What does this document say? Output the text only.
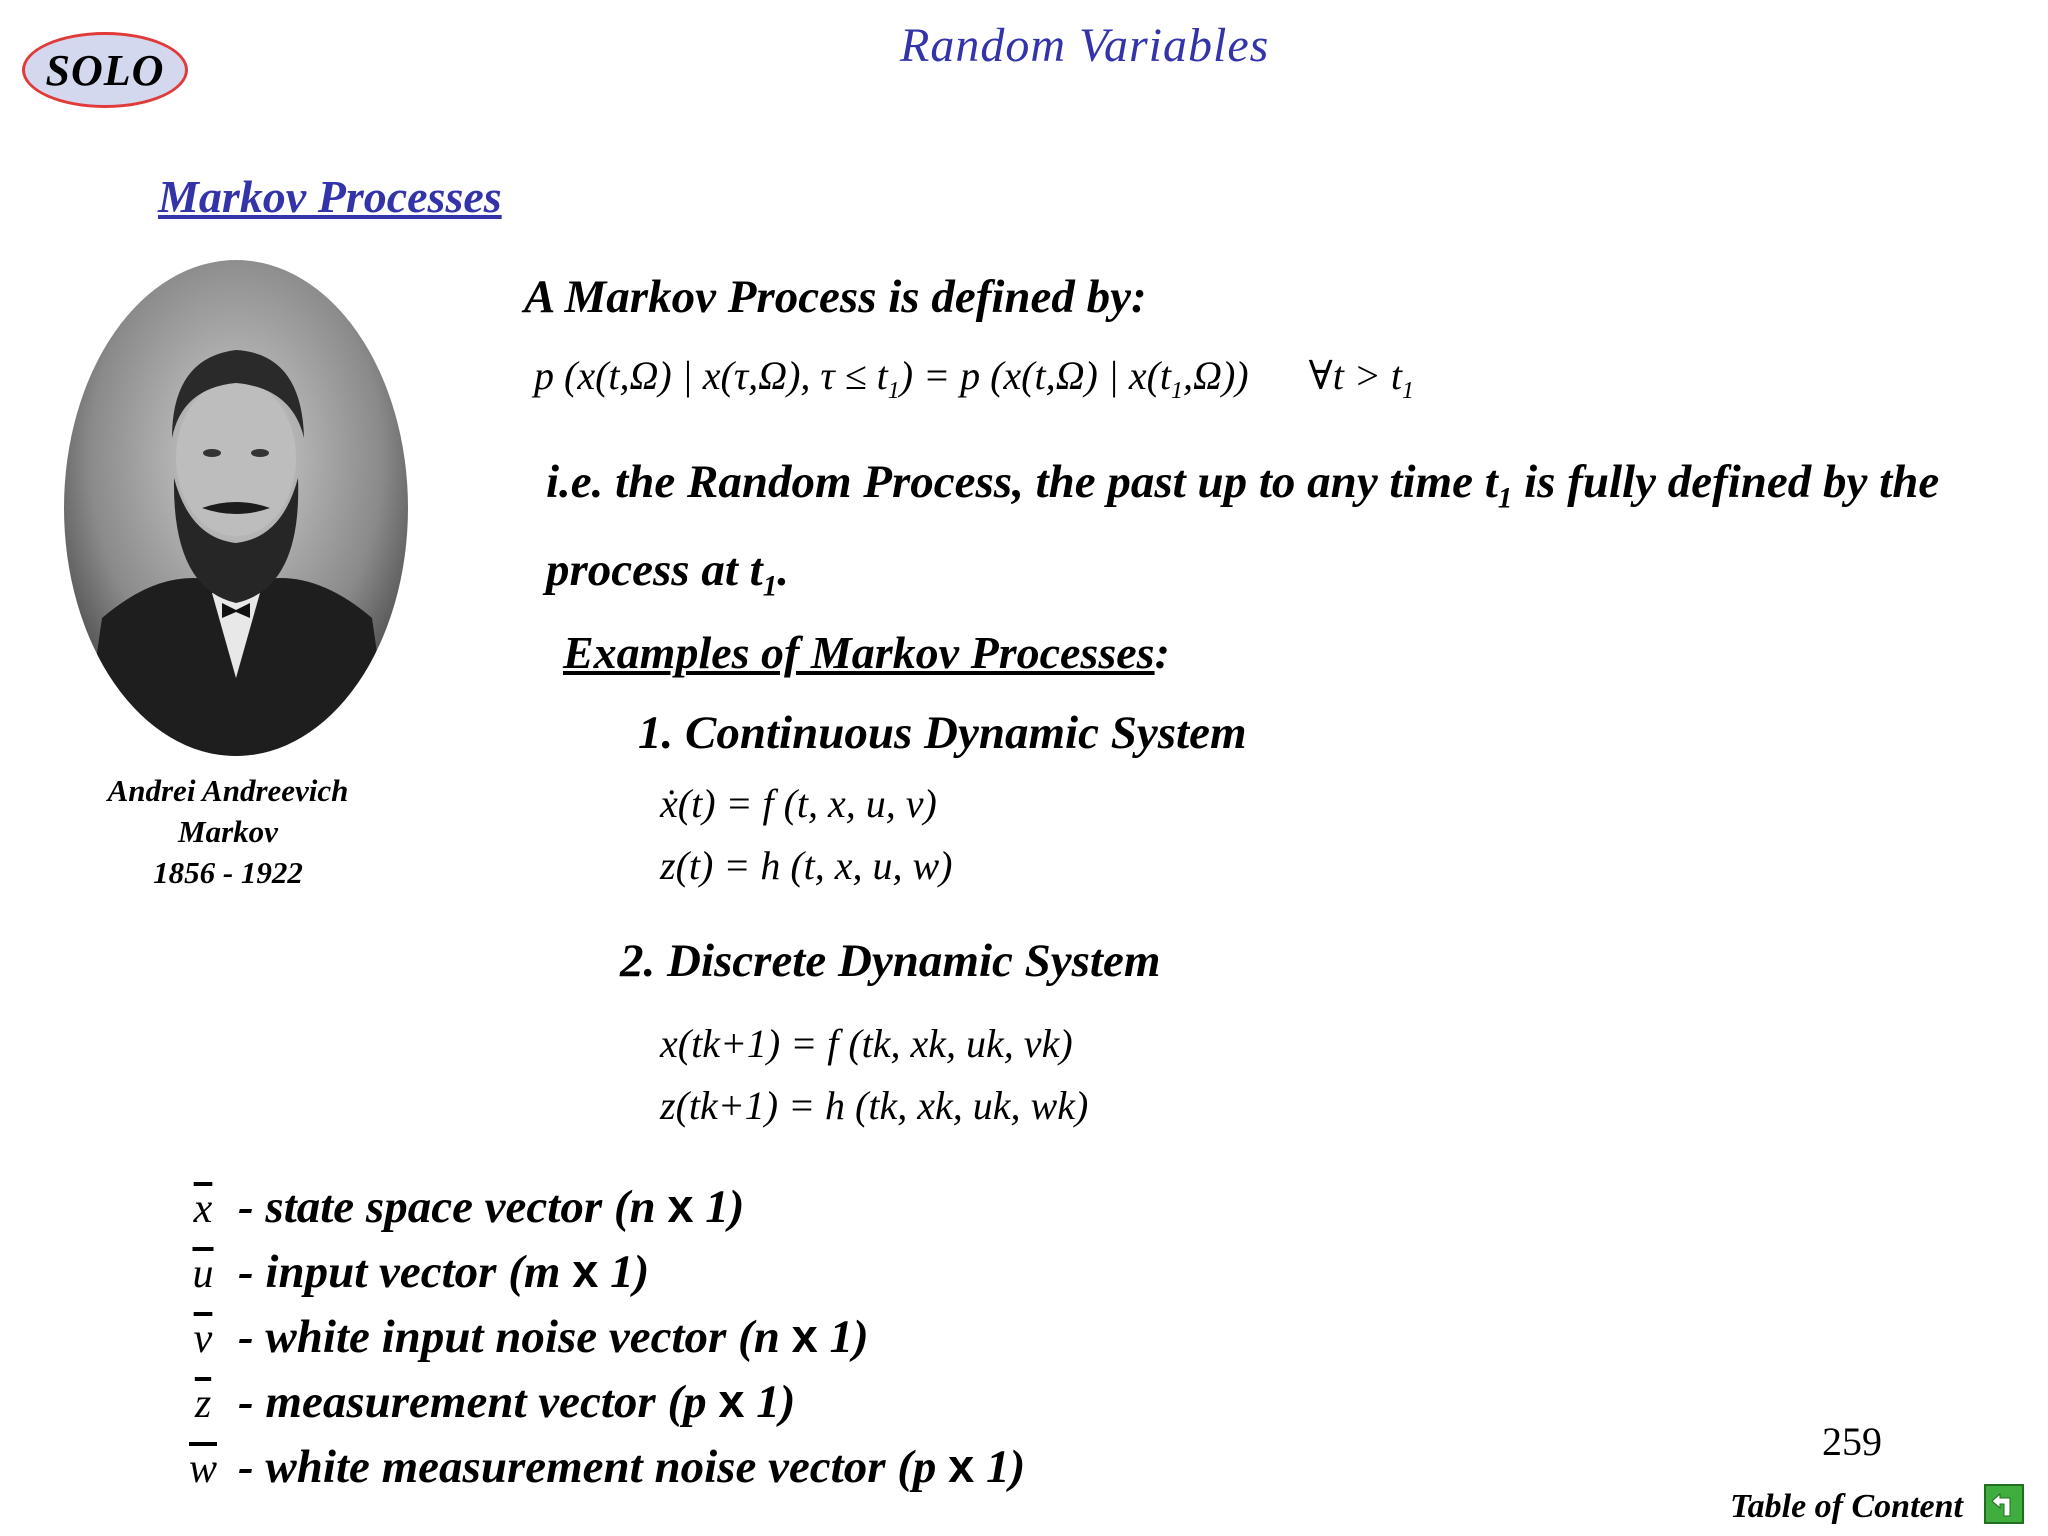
SOLO	Random Variables
Markov Processes
Andrei Andreevich
Markov
1856 - 1922
A Markov Process is defined by:
p (x(t,Ω) | x(τ,Ω), $\tau \le t_1) = p$ (x(t,Ω) | $x(t_1,\Omega)$) ∀t > $t_1$
i.e. the Random Process, the past up to any time $t_1$ is fully defined by the process at $t_1$.
Examples of Markov Processes:
1. Continuous Dynamic System
ẋ(t) = f (t, x, u, v)
z(t) = h (t, x, u, w)
2. Discrete Dynamic System
x(tk+1) = f (tk, xk, uk, vk)
z(tk+1) = h (tk, xk, uk, wk)
$\overline{x}$ - state space vector (n x 1)
$\overline{u}$ - input vector (m x 1)
$\overline{v}$ - white input noise vector (n x 1)
$\overline{z}$ - measurement vector (p x 1)
$\overline{w}$ - white measurement noise vector (p x 1)	259
Table of Content
